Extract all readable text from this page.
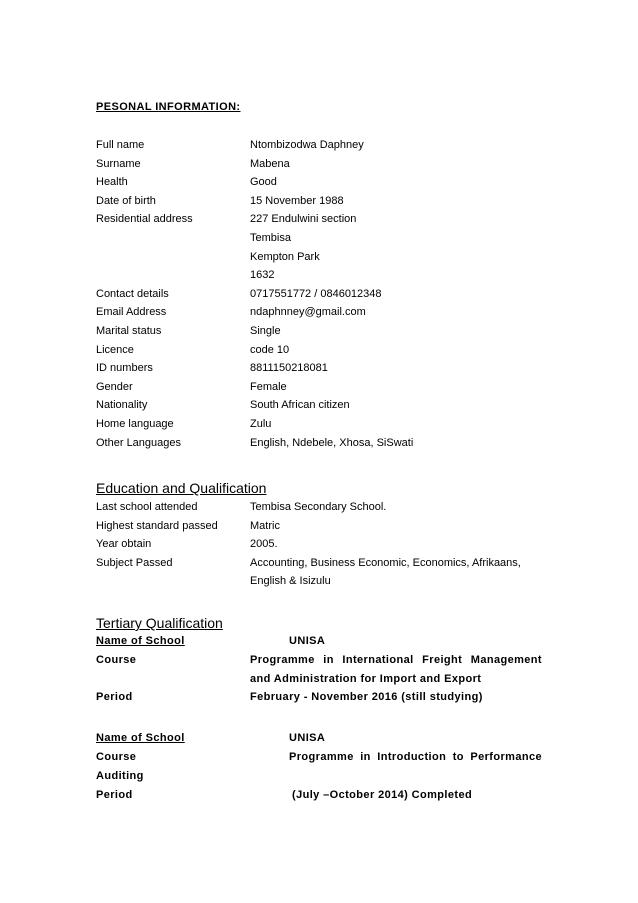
PESONAL INFORMATION:
Full name	Ntombizodwa Daphney
Surname	Mabena
Health	Good
Date of birth	15 November 1988
Residential address	227 Endulwini section
Tembisa
Kempton Park
1632
Contact details	0717551772 / 0846012348
Email Address	ndaphnney@gmail.com
Marital status	Single
Licence	code 10
ID numbers	8811150218081
Gender	Female
Nationality	South African citizen
Home language	Zulu
Other Languages	English, Ndebele, Xhosa, SiSwati
Education and Qualification
Last school attended	Tembisa Secondary School.
Highest standard passed	Matric
Year obtain	2005.
Subject Passed	Accounting, Business Economic, Economics, Afrikaans,
English & Isizulu
Tertiary Qualification
Name of School	UNISA
Course	Programme in International Freight Management
and Administration for Import and Export
Period	February - November 2016 (still studying)
Name of School	UNISA
Course	Programme in Introduction to Performance
Auditing
Period	(July –October 2014) Completed
